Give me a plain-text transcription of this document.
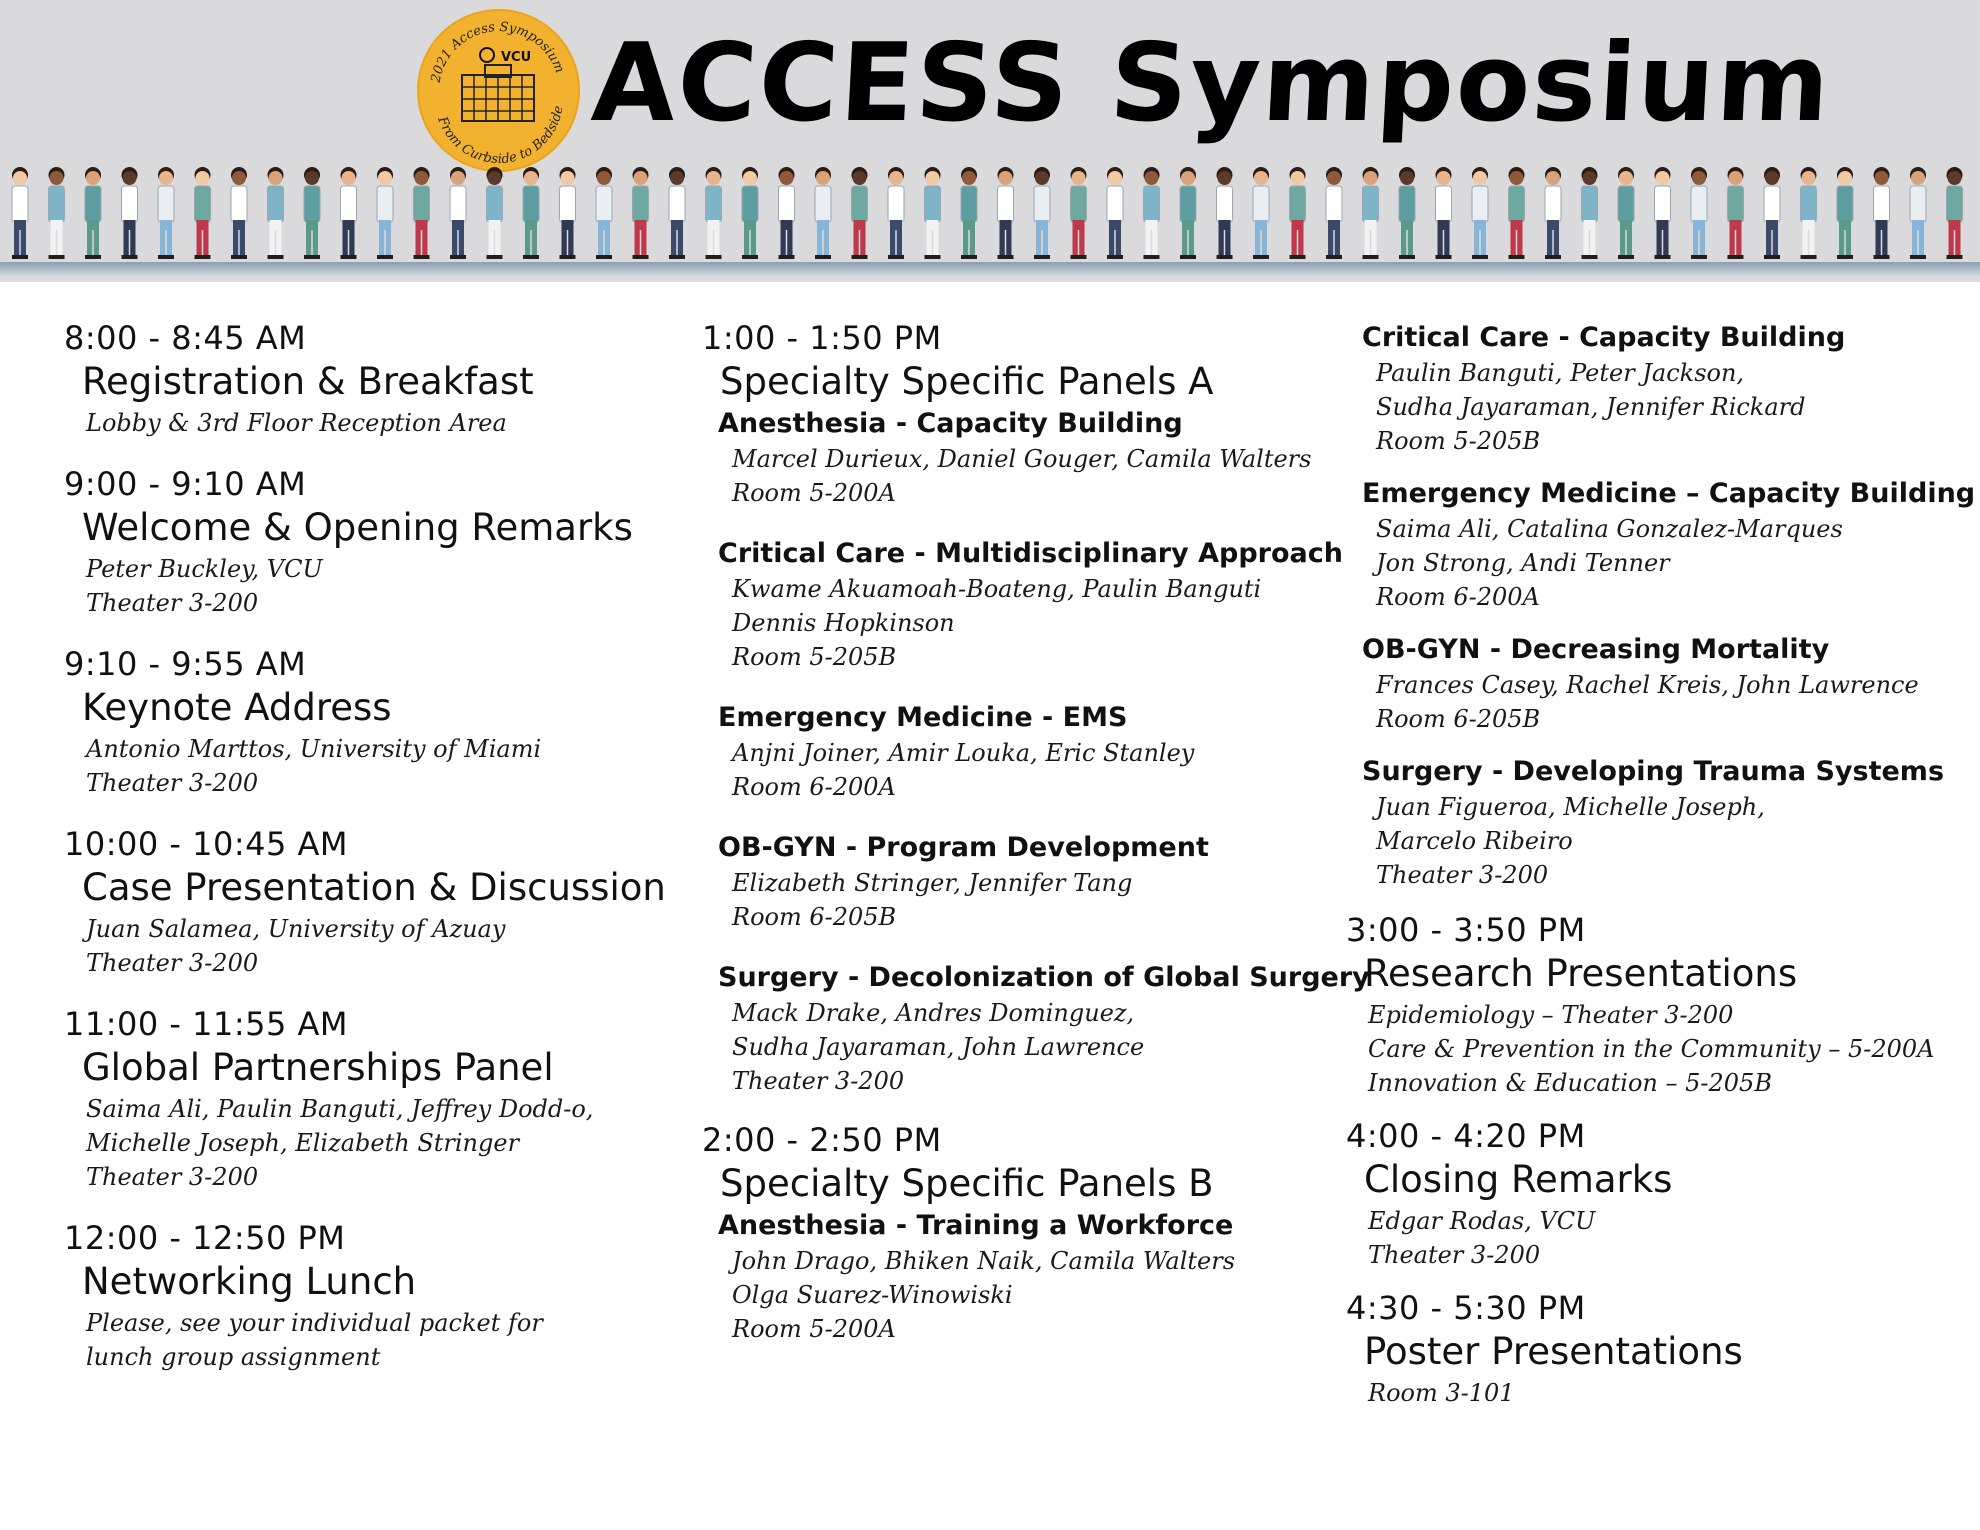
2021 Access Symposium
From Curbside to Bedside
VCU ACCESS Symposium
8:00 - 8:45 AM
Registration & Breakfast
Lobby & 3rd Floor Reception Area
9:00 - 9:10 AM
Welcome & Opening Remarks
Peter Buckley, VCU
Theater 3-200
9:10 - 9:55 AM
Keynote Address
Antonio Marttos, University of Miami
Theater 3-200
10:00 - 10:45 AM
Case Presentation & Discussion
Juan Salamea, University of Azuay
Theater 3-200
11:00 - 11:55 AM
Global Partnerships Panel
Saima Ali, Paulin Banguti, Jeffrey Dodd-o,
Michelle Joseph, Elizabeth Stringer
Theater 3-200
12:00 - 12:50 PM
Networking Lunch
Please, see your individual packet for
lunch group assignment
1:00 - 1:50 PM
Specialty Specific Panels A
Anesthesia - Capacity Building
Marcel Durieux, Daniel Gouger, Camila Walters
Room 5-200A
Critical Care - Multidisciplinary Approach
Kwame Akuamoah-Boateng, Paulin Banguti
Dennis Hopkinson
Room 5-205B
Emergency Medicine - EMS
Anjni Joiner, Amir Louka, Eric Stanley
Room 6-200A
OB-GYN - Program Development
Elizabeth Stringer, Jennifer Tang
Room 6-205B
Surgery - Decolonization of Global Surgery
Mack Drake, Andres Dominguez,
Sudha Jayaraman, John Lawrence
Theater 3-200
2:00 - 2:50 PM
Specialty Specific Panels B
Anesthesia - Training a Workforce
John Drago, Bhiken Naik, Camila Walters
Olga Suarez-Winowiski
Room 5-200A
Critical Care - Capacity Building
Paulin Banguti, Peter Jackson,
Sudha Jayaraman, Jennifer Rickard
Room 5-205B
Emergency Medicine – Capacity Building
Saima Ali, Catalina Gonzalez-Marques
Jon Strong, Andi Tenner
Room 6-200A
OB-GYN - Decreasing Mortality
Frances Casey, Rachel Kreis, John Lawrence
Room 6-205B
Surgery - Developing Trauma Systems
Juan Figueroa, Michelle Joseph,
Marcelo Ribeiro
Theater 3-200
3:00 - 3:50 PM
Research Presentations
Epidemiology – Theater 3-200
Care & Prevention in the Community – 5-200A
Innovation & Education – 5-205B
4:00 - 4:20 PM
Closing Remarks
Edgar Rodas, VCU
Theater 3-200
4:30 - 5:30 PM
Poster Presentations
Room 3-101
